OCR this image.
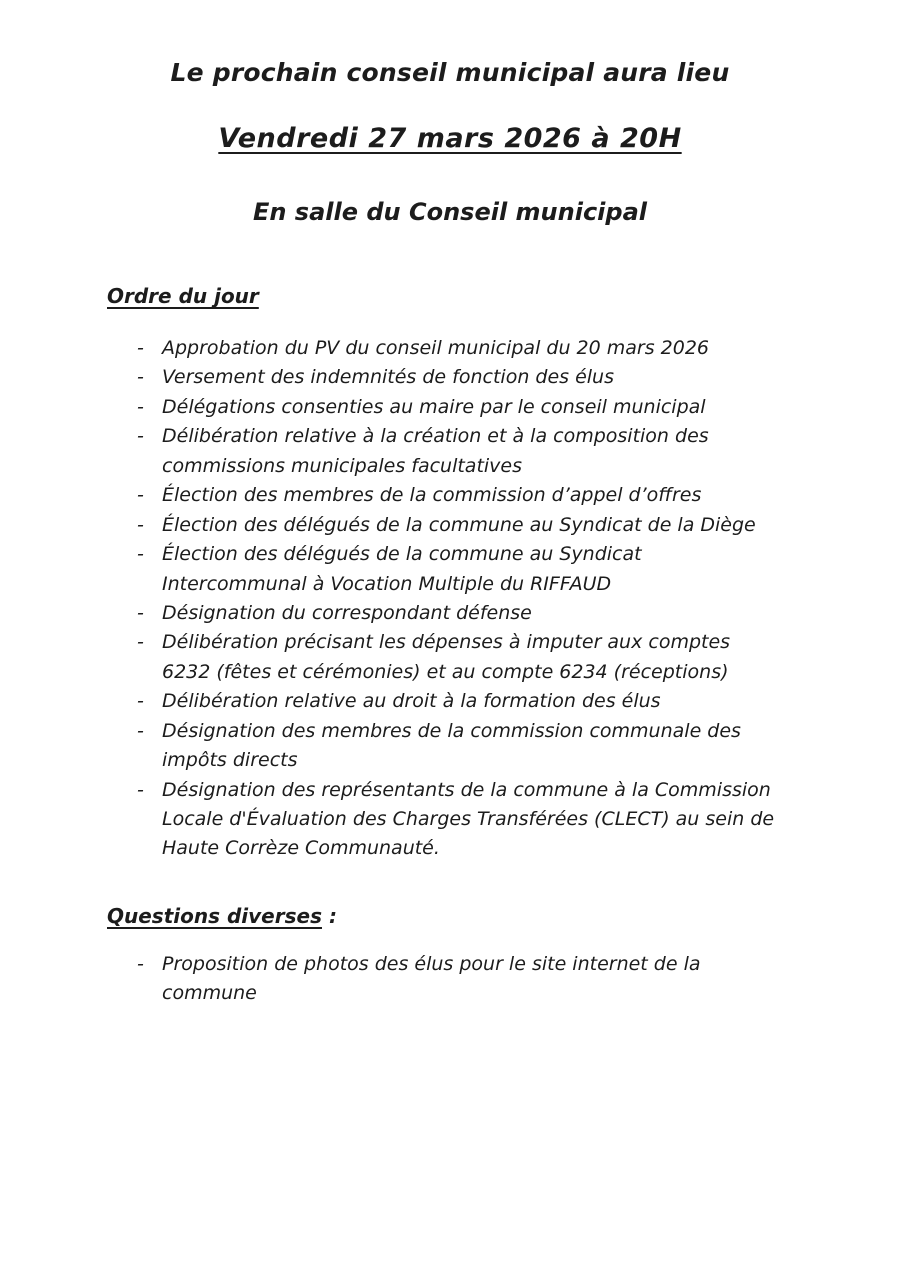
Le prochain conseil municipal aura lieu

Vendredi 27 mars 2026 à 20H

En salle du Conseil municipal

Ordre du jour

- Approbation du PV du conseil municipal du 20 mars 2026
- Versement des indemnités de fonction des élus
- Délégations consenties au maire par le conseil municipal
- Délibération relative à la création et à la composition des commissions municipales facultatives
- Élection des membres de la commission d’appel d’offres
- Élection des délégués de la commune au Syndicat de la Diège
- Élection des délégués de la commune au Syndicat Intercommunal à Vocation Multiple du RIFFAUD
- Désignation du correspondant défense
- Délibération précisant les dépenses à imputer aux comptes 6232 (fêtes et cérémonies) et au compte 6234 (réceptions)
- Délibération relative au droit à la formation des élus
- Désignation des membres de la commission communale des impôts directs
- Désignation des représentants de la commune à la Commission Locale d'Évaluation des Charges Transférées (CLECT) au sein de Haute Corrèze Communauté.

Questions diverses :

- Proposition de photos des élus pour le site internet de la commune
